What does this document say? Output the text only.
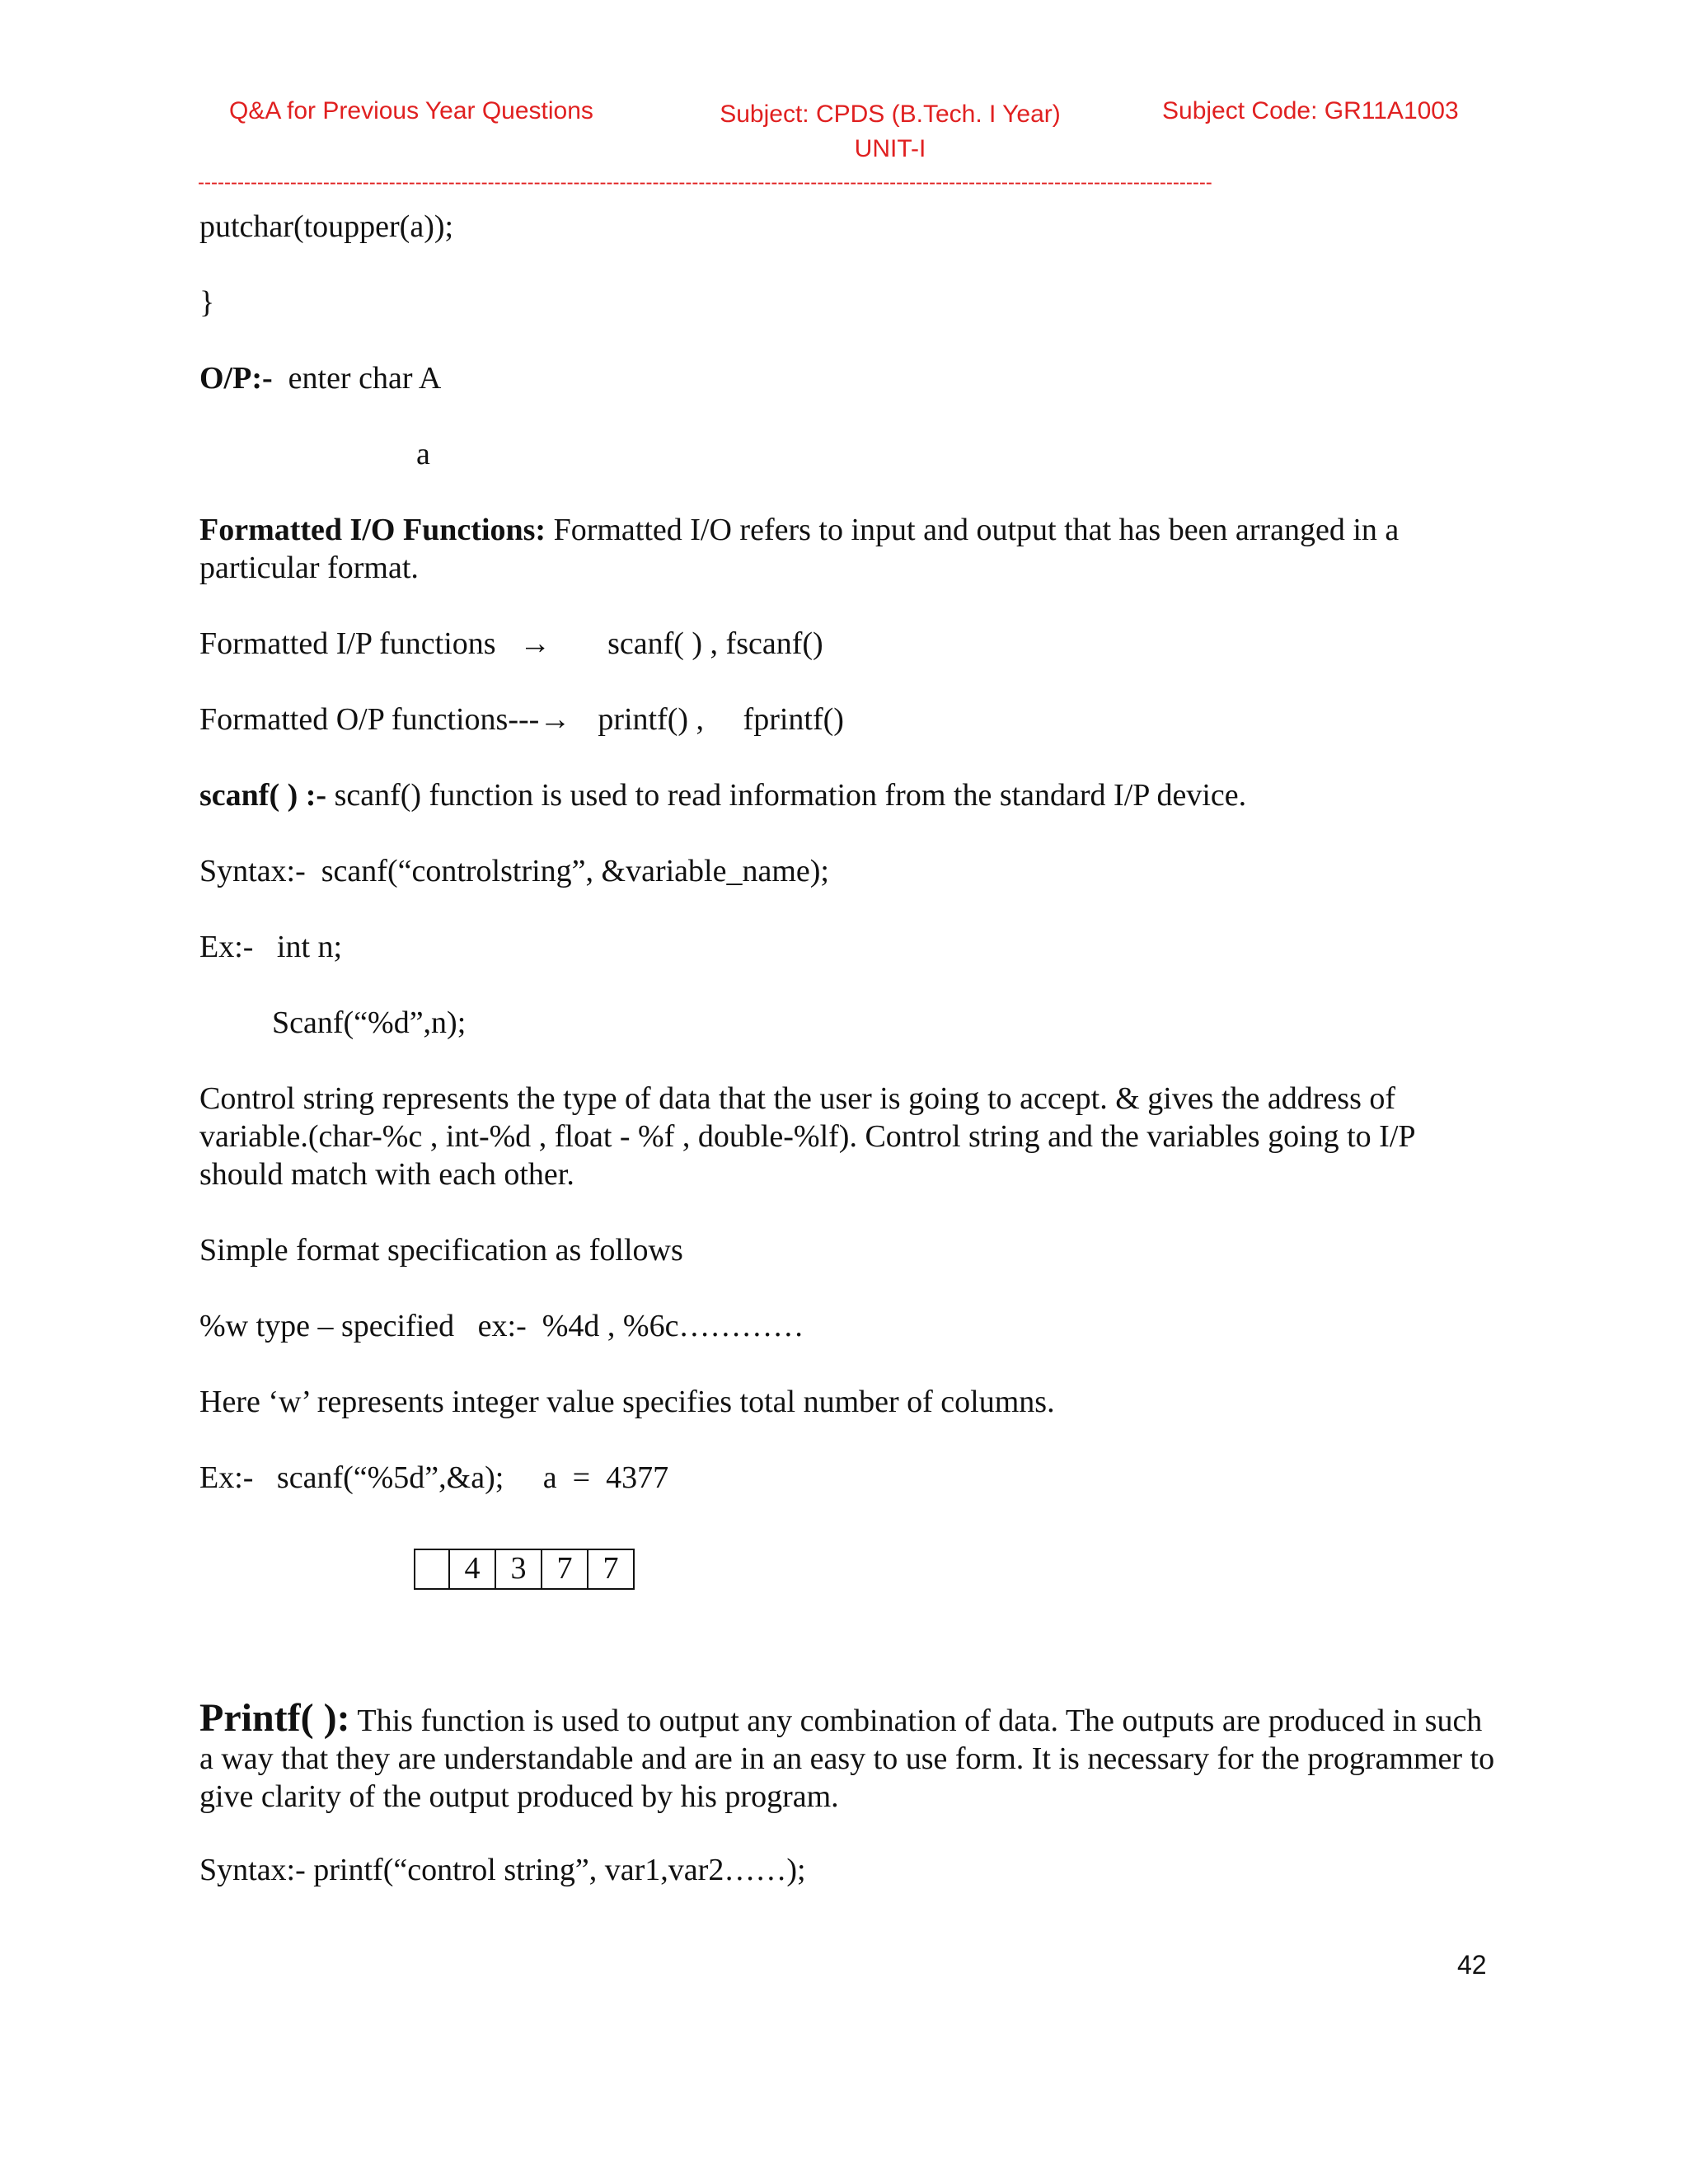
Q&A for Previous Year Questions	Subject: CPDS (B.Tech. I Year)
UNIT-I
Subject Code: GR11A1003
----------------------------------------------------------------------------------------------------------------------------------------------------------
putchar(toupper(a));
}
O/P:- enter char A
a
Formatted I/O Functions: Formatted I/O refers to input and output that has been arranged in a particular format.
Formatted I/P functions → scanf( ) , fscanf()
Formatted O/P functions---→ printf() ,     fprintf()
scanf( ) :- scanf() function is used to read information from the standard I/P device.
Syntax:-  scanf(“controlstring”, &variable_name);
Ex:-   int n;
Scanf(“%d”,n);
Control string represents the type of data that the user is going to accept. & gives the address of variable.(char-%c , int-%d , float - %f , double-%lf). Control string and the variables going to I/P should match with each other.
Simple format specification as follows
%w type – specified   ex:-  %4d , %6c…………
Here ‘w’ represents integer value specifies total number of columns.
Ex:-   scanf(“%5d”,&a);     a  =  4377
4 3 7 7
Printf( ): This function is used to output any combination of data. The outputs are produced in such a way that they are understandable and are in an easy to use form. It is necessary for the programmer to give clarity of the output produced by his program.
Syntax:- printf(“control string”, var1,var2……);
42
